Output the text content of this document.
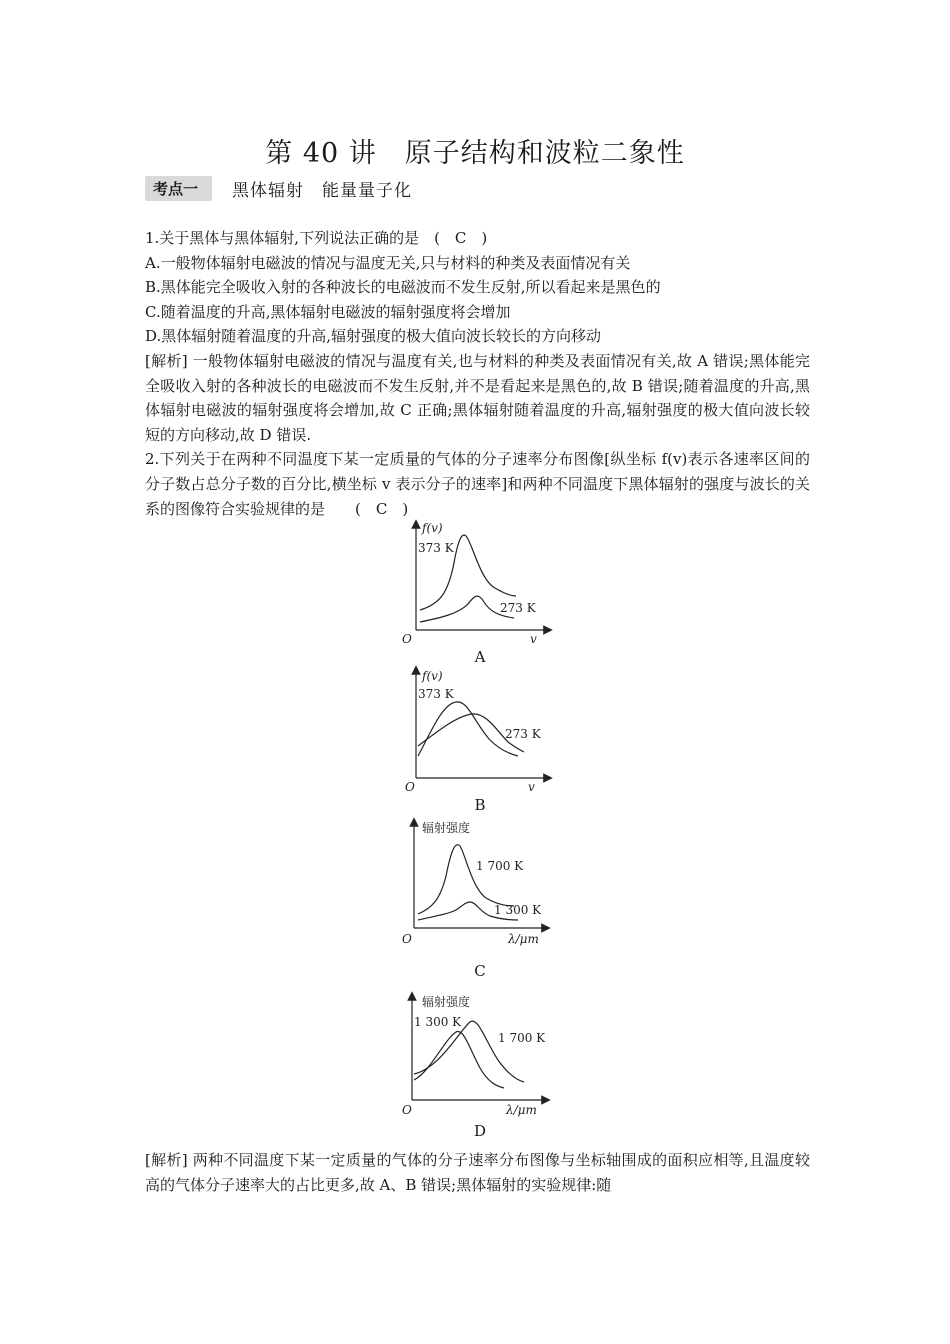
第 40 讲　原子结构和波粒二象性
考点一	黑体辐射　能量量子化

1.关于黑体与黑体辐射,下列说法正确的是　(　C　)

A.一般物体辐射电磁波的情况与温度无关,只与材料的种类及表面情况有关

B.黑体能完全吸收入射的各种波长的电磁波而不发生反射,所以看起来是黑色的

C.随着温度的升高,黑体辐射电磁波的辐射强度将会增加

D.黑体辐射随着温度的升高,辐射强度的极大值向波长较长的方向移动

[解析] 一般物体辐射电磁波的情况与温度有关,也与材料的种类及表面情况有关,故 A 错误;黑体能完全吸收入射的各种波长的电磁波而不发生反射,并不是看起来是黑色的,故 B 错误;随着温度的升高,黑体辐射电磁波的辐射强度将会增加,故 C 正确;黑体辐射随着温度的升高,辐射强度的极大值向波长较短的方向移动,故 D 错误.

2.下列关于在两种不同温度下某一定质量的气体的分子速率分布图像[纵坐标 f(v)表示各速率区间的分子数占总分子数的百分比,横坐标 v 表示分子的速率]和两种不同温度下黑体辐射的强度与波长的关系的图像符合实验规律的是　　(　C　)

f(v)
373 K
273 K
O	v
A
f(v)
373 K
273 K
O	v
B
辐射强度
1 700 K
1 300 K
O	λ/μm
C
辐射强度
1 300 K
1 700 K
O	λ/μm
D
[解析] 两种不同温度下某一定质量的气体的分子速率分布图像与坐标轴围成的面积应相等,且温度较高的气体分子速率大的占比更多,故 A、B 错误;黑体辐射的实验规律:随
